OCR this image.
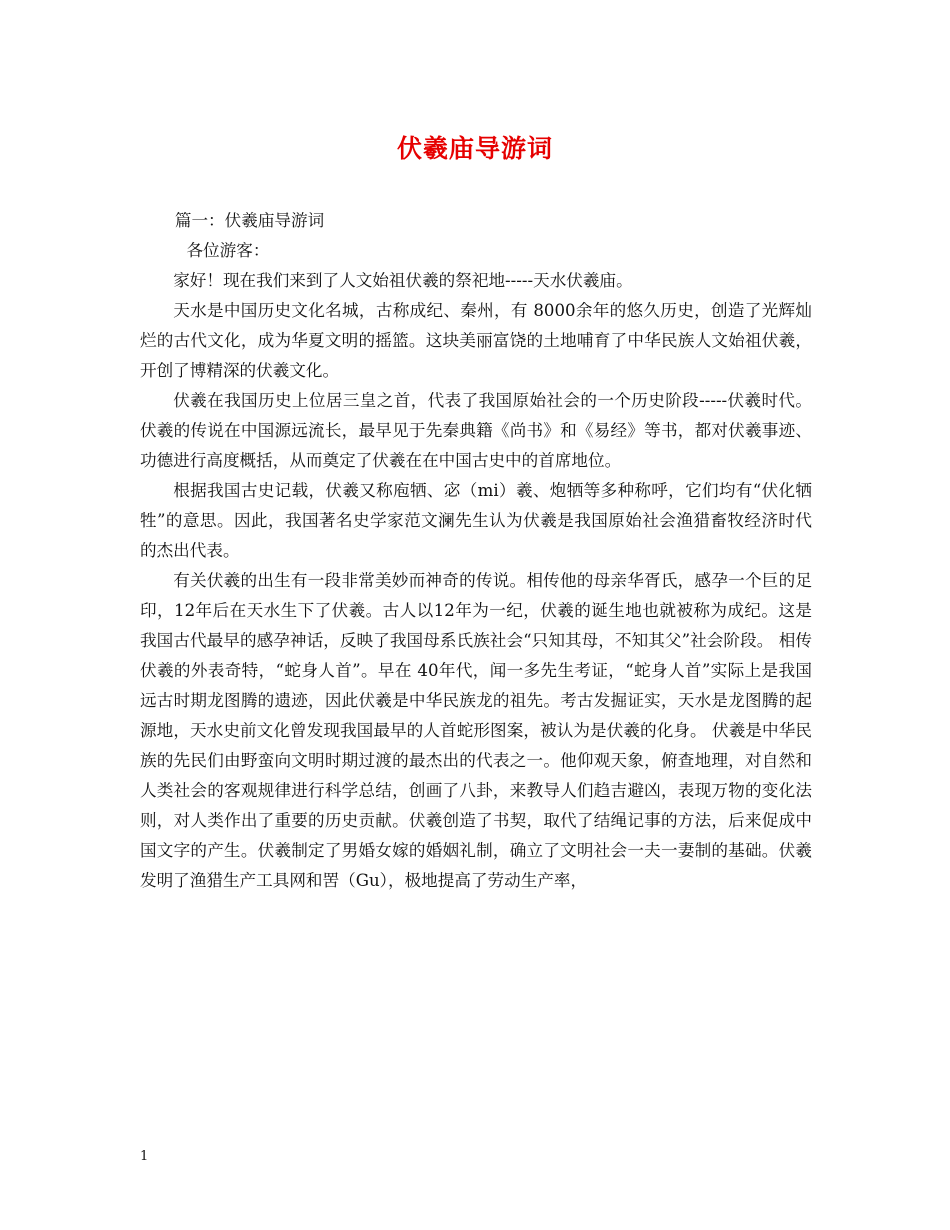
伏羲庙导游词

篇一：伏羲庙导游词

各位游客：

家好！现在我们来到了人文始祖伏羲的祭祀地-----天水伏羲庙。

天水是中国历史文化名城，古称成纪、秦州，有 8000余年的悠久历史，创造了光辉灿烂的古代文化，成为华夏文明的摇篮。这块美丽富饶的土地哺育了中华民族人文始祖伏羲，开创了博精深的伏羲文化。

伏羲在我国历史上位居三皇之首，代表了我国原始社会的一个历史阶段-----伏羲时代。伏羲的传说在中国源远流长，最早见于先秦典籍《尚书》和《易经》等书，都对伏羲事迹、功德进行高度概括，从而奠定了伏羲在在中国古史中的首席地位。

根据我国古史记载，伏羲又称庖牺、宓（mi）羲、炮牺等多种称呼，它们均有“伏化牺牲”的意思。因此，我国著名史学家范文澜先生认为伏羲是我国原始社会渔猎畜牧经济时代的杰出代表。

有关伏羲的出生有一段非常美妙而神奇的传说。相传他的母亲华胥氏，感孕一个巨的足印，12年后在天水生下了伏羲。古人以12年为一纪，伏羲的诞生地也就被称为成纪。这是我国古代最早的感孕神话，反映了我国母系氏族社会“只知其母，不知其父”社会阶段。 相传伏羲的外表奇特，“蛇身人首”。早在 40年代，闻一多先生考证，“蛇身人首”实际上是我国远古时期龙图腾的遗迹，因此伏羲是中华民族龙的祖先。考古发掘证实，天水是龙图腾的起源地，天水史前文化曾发现我国最早的人首蛇形图案，被认为是伏羲的化身。 伏羲是中华民族的先民们由野蛮向文明时期过渡的最杰出的代表之一。他仰观天象，俯查地理，对自然和人类社会的客观规律进行科学总结，创画了八卦，来教导人们趋吉避凶，表现万物的变化法则，对人类作出了重要的历史贡献。伏羲创造了书契，取代了结绳记事的方法，后来促成中国文字的产生。伏羲制定了男婚女嫁的婚姻礼制，确立了文明社会一夫一妻制的基础。伏羲发明了渔猎生产工具网和罟（Gu），极地提高了劳动生产率，

1
